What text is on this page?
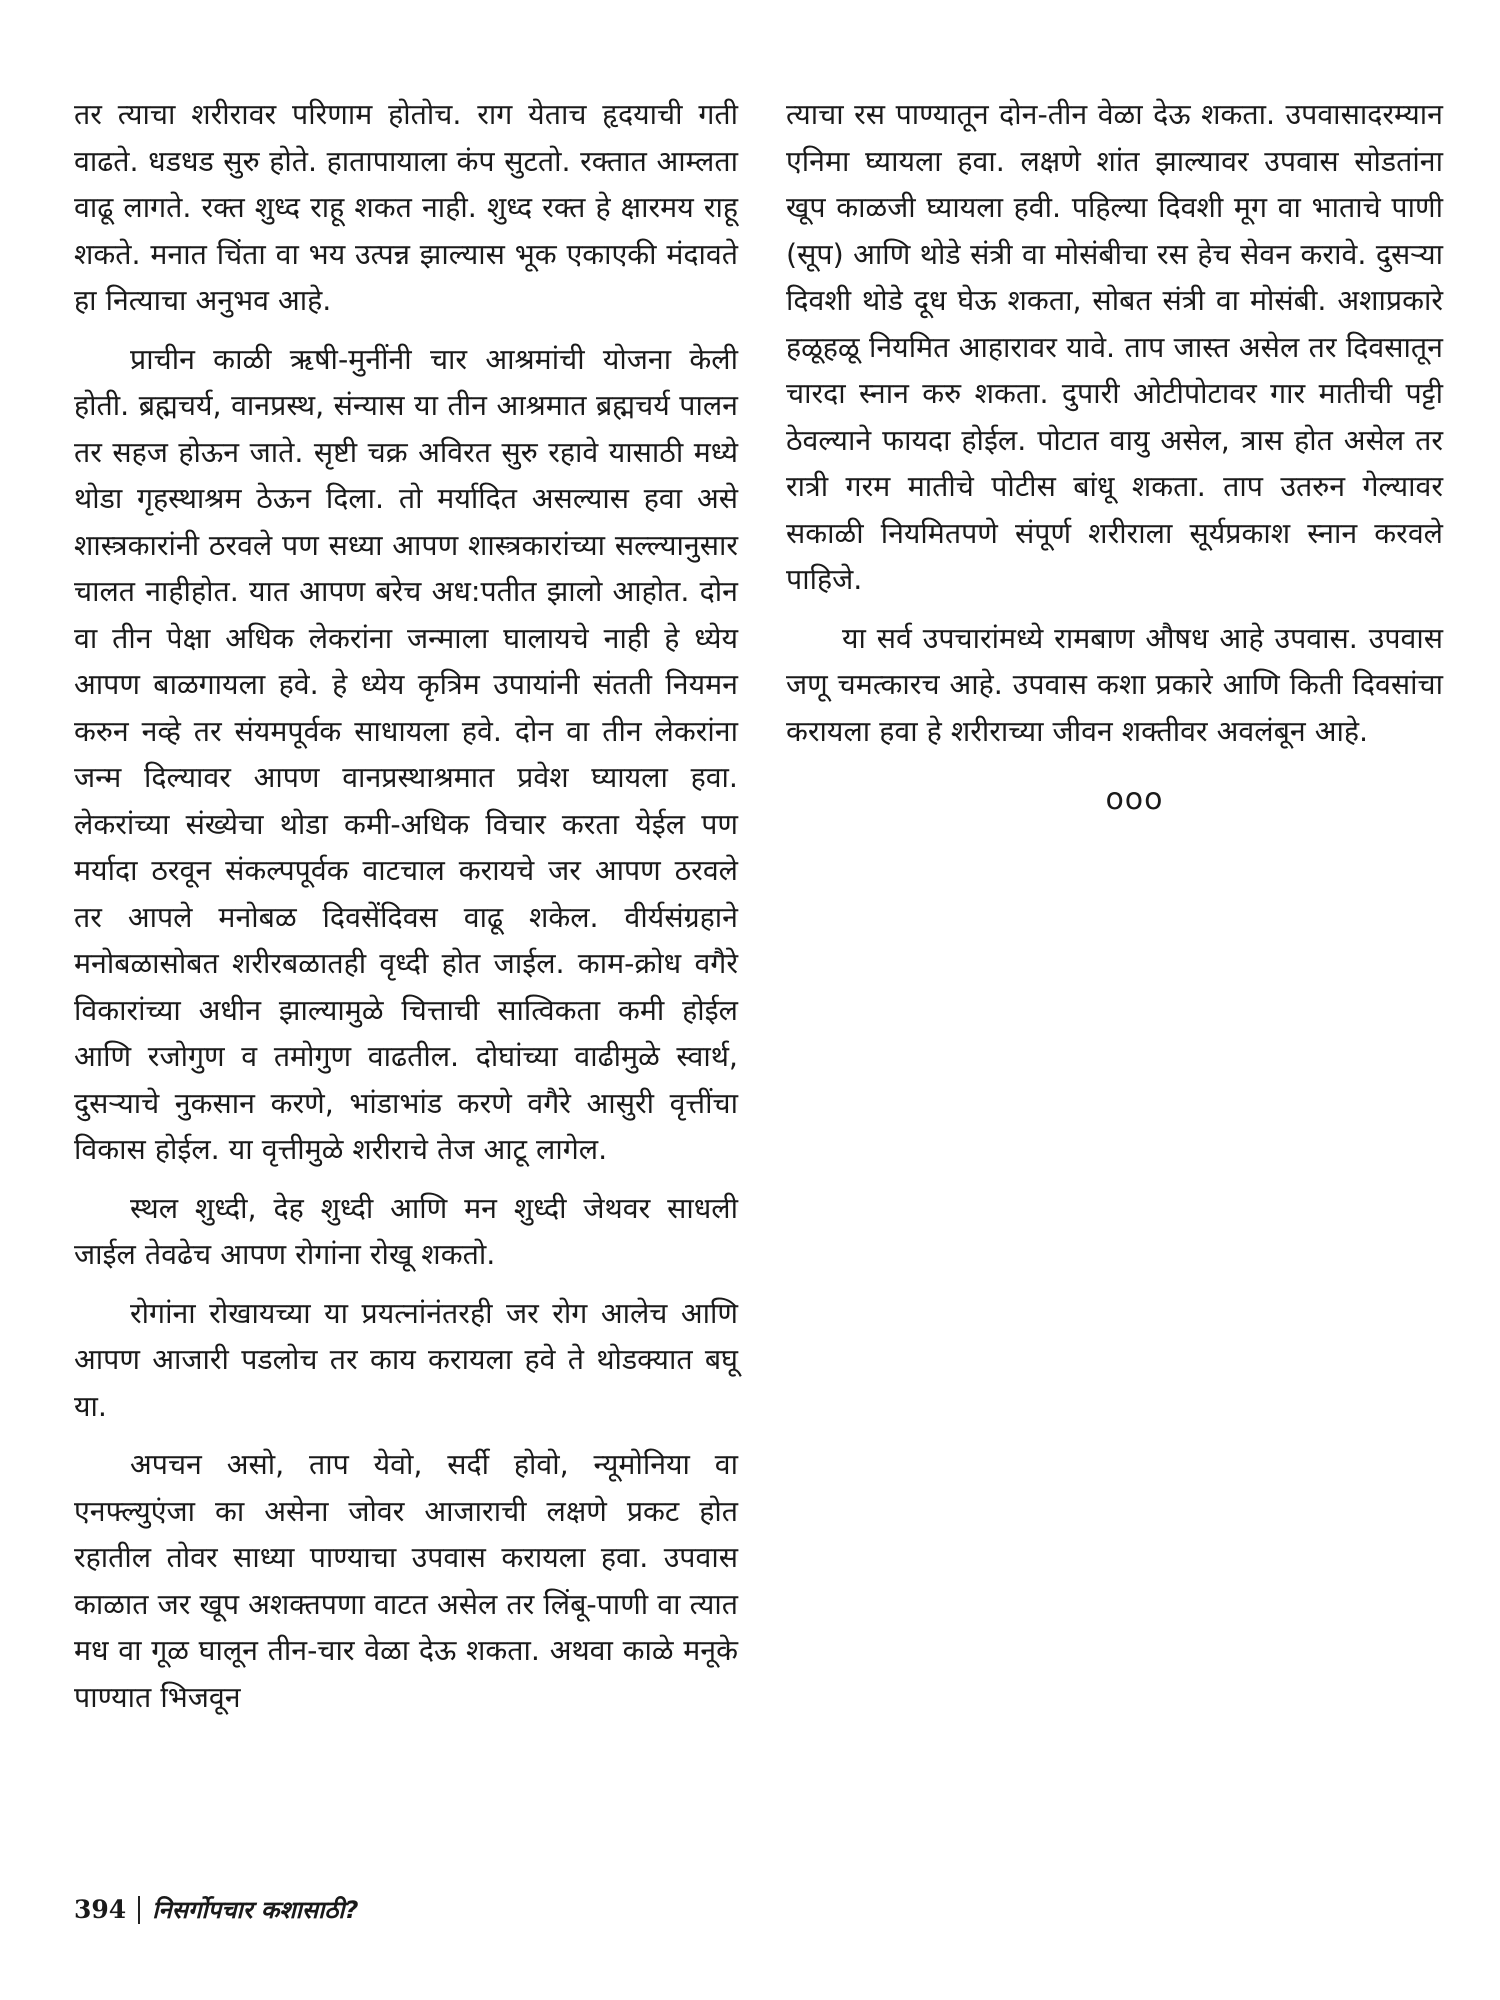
तर त्याचा शरीरावर परिणाम होतोच. राग येताच हृदयाची गती वाढते. धडधड सुरु होते. हातापायाला कंप सुटतो. रक्तात आम्लता वाढू लागते. रक्त शुध्द राहू शकत नाही. शुध्द रक्त हे क्षारमय राहू शकते. मनात चिंता वा भय उत्पन्न झाल्यास भूक एकाएकी मंदावते हा नित्याचा अनुभव आहे.

प्राचीन काळी ऋषी-मुनींनी चार आश्रमांची योजना केली होती. ब्रह्मचर्य, वानप्रस्थ, संन्यास या तीन आश्रमात ब्रह्मचर्य पालन तर सहज होऊन जाते. सृष्टी चक्र अविरत सुरु रहावे यासाठी मध्ये थोडा गृहस्थाश्रम ठेऊन दिला. तो मर्यादित असल्यास हवा असे शास्त्रकारांनी ठरवले पण सध्या आपण शास्त्रकारांच्या सल्ल्यानुसार चालत नाहीहोत. यात आपण बरेच अध:पतीत झालो आहोत. दोन वा तीन पेक्षा अधिक लेकरांना जन्माला घालायचे नाही हे ध्येय आपण बाळगायला हवे. हे ध्येय कृत्रिम उपायांनी संतती नियमन करुन नव्हे तर संयमपूर्वक साधायला हवे. दोन वा तीन लेकरांना जन्म दिल्यावर आपण वानप्रस्थाश्रमात प्रवेश घ्यायला हवा. लेकरांच्या संख्येचा थोडा कमी-अधिक विचार करता येईल पण मर्यादा ठरवून संकल्पपूर्वक वाटचाल करायचे जर आपण ठरवले तर आपले मनोबळ दिवसेंदिवस वाढू शकेल. वीर्यसंग्रहाने मनोबळासोबत शरीरबळातही वृध्दी होत जाईल. काम-क्रोध वगैरे विकारांच्या अधीन झाल्यामुळे चित्ताची सात्विकता कमी होईल आणि रजोगुण व तमोगुण वाढतील. दोघांच्या वाढीमुळे स्वार्थ, दुसऱ्याचे नुकसान करणे, भांडाभांड करणे वगैरे आसुरी वृत्तींचा विकास होईल. या वृत्तीमुळे शरीराचे तेज आटू लागेल.

स्थल शुध्दी, देह शुध्दी आणि मन शुध्दी जेथवर साधली जाईल तेवढेच आपण रोगांना रोखू शकतो.

रोगांना रोखायच्या या प्रयत्नांनंतरही जर रोग आलेच आणि आपण आजारी पडलोच तर काय करायला हवे ते थोडक्यात बघू या.

अपचन असो, ताप येवो, सर्दी होवो, न्यूमोनिया वा एनफ्ल्युएंजा का असेना जोवर आजाराची लक्षणे प्रकट होत रहातील तोवर साध्या पाण्याचा उपवास करायला हवा. उपवास काळात जर खूप अशक्तपणा वाटत असेल तर लिंबू-पाणी वा त्यात मध वा गूळ घालून तीन-चार वेळा देऊ शकता. अथवा काळे मनूके पाण्यात भिजवून

त्याचा रस पाण्यातून दोन-तीन वेळा देऊ शकता. उपवासादरम्यान एनिमा घ्यायला हवा. लक्षणे शांत झाल्यावर उपवास सोडतांना खूप काळजी घ्यायला हवी. पहिल्या दिवशी मूग वा भाताचे पाणी (सूप) आणि थोडे संत्री वा मोसंबीचा रस हेच सेवन करावे. दुसऱ्या दिवशी थोडे दूध घेऊ शकता, सोबत संत्री वा मोसंबी. अशाप्रकारे हळूहळू नियमित आहारावर यावे. ताप जास्त असेल तर दिवसातून चारदा स्नान करु शकता. दुपारी ओटीपोटावर गार मातीची पट्टी ठेवल्याने फायदा होईल. पोटात वायु असेल, त्रास होत असेल तर रात्री गरम मातीचे पोटीस बांधू शकता. ताप उतरुन गेल्यावर सकाळी नियमितपणे संपूर्ण शरीराला सूर्यप्रकाश स्नान करवले पाहिजे.

या सर्व उपचारांमध्ये रामबाण औषध आहे उपवास. उपवास जणू चमत्कारच आहे. उपवास कशा प्रकारे आणि किती दिवसांचा करायला हवा हे शरीराच्या जीवन शक्तीवर अवलंबून आहे.

ooo
394 निसर्गोपचार कशासाठी?
